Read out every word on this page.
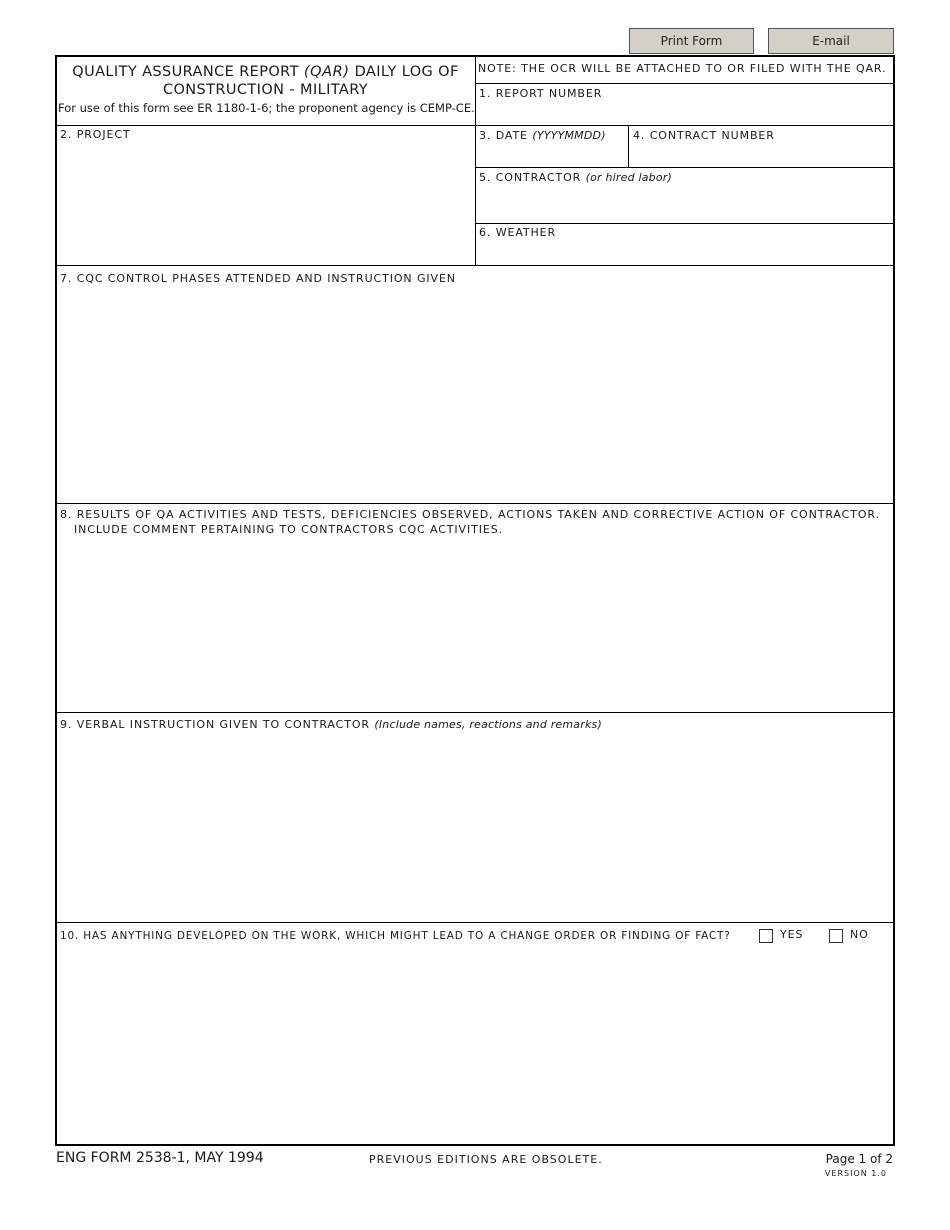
Print Form	E-mail
QUALITY ASSURANCE REPORT (QAR) DAILY LOG OF
CONSTRUCTION - MILITARY
For use of this form see ER 1180-1-6; the proponent agency is CEMP-CE.
NOTE: THE OCR WILL BE ATTACHED TO OR FILED WITH THE QAR.
1. REPORT NUMBER
2. PROJECT	3. DATE (YYYYMMDD) 4. CONTRACT NUMBER
5. CONTRACTOR (or hired labor)
6. WEATHER
7. CQC CONTROL PHASES ATTENDED AND INSTRUCTION GIVEN
8. RESULTS OF QA ACTIVITIES AND TESTS, DEFICIENCIES OBSERVED, ACTIONS TAKEN AND CORRECTIVE ACTION OF CONTRACTOR.
INCLUDE COMMENT PERTAINING TO CONTRACTORS CQC ACTIVITIES.
9. VERBAL INSTRUCTION GIVEN TO CONTRACTOR (Include names, reactions and remarks)
10. HAS ANYTHING DEVELOPED ON THE WORK, WHICH MIGHT LEAD TO A CHANGE ORDER OR FINDING OF FACT?	YES	NO
ENG FORM 2538-1, MAY 1994	PREVIOUS EDITIONS ARE OBSOLETE.	Page 1 of 2
VERSION 1.0
